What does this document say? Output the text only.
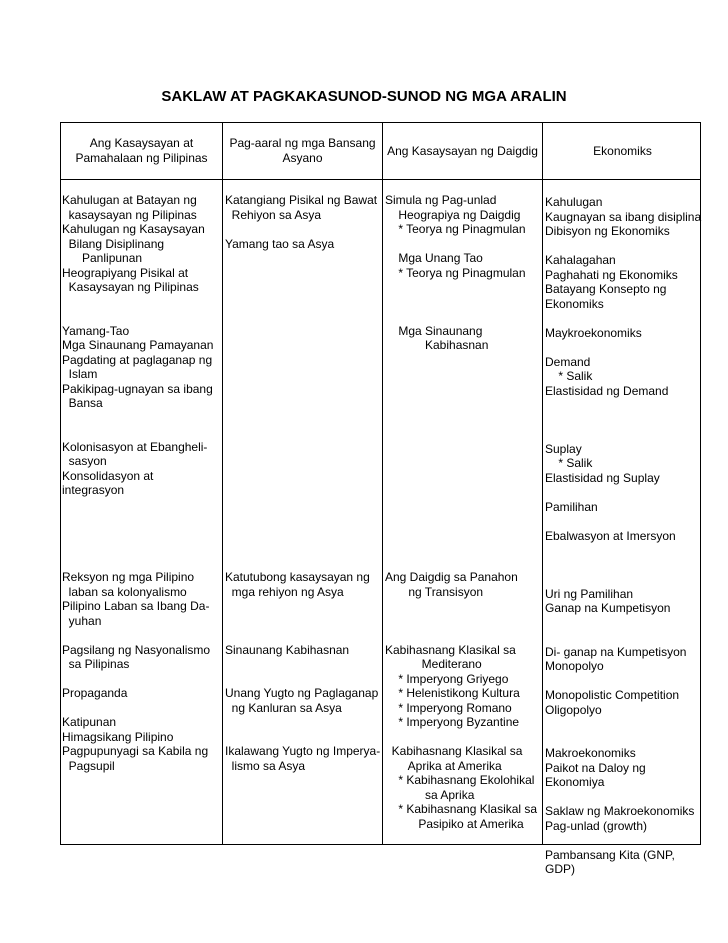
SAKLAW AT PAGKAKASUNOD-SUNOD NG MGA ARALIN
Ang Kasaysayan at
Pamahalaan ng Pilipinas
Pag-aaral ng mga Bansang
Asyano
Ang Kasaysayan ng Daigdig	Ekonomiks
Kahulugan at Batayan ng
kasaysayan ng Pilipinas
Kahulugan ng Kasaysayan
Bilang Disiplinang
Panlipunan
Heograpiyang Pisikal at
Kasaysayan ng Pilipinas

Yamang-Tao
Mga Sinaunang Pamayanan
Pagdating at paglaganap ng
Islam
Pakikipag-ugnayan sa ibang
Bansa

Kolonisasyon at Ebangheli-
sasyon
Konsolidasyon at
integrasyon

Reksyon ng mga Pilipino
laban sa kolonyalismo
Pilipino Laban sa Ibang Da-
yuhan

Pagsilang ng Nasyonalismo
sa Pilipinas

Propaganda

Katipunan
Himagsikang Pilipino
Pagpupunyagi sa Kabila ng
Pagsupil
Katangiang Pisikal ng Bawat
Rehiyon sa Asya

Yamang tao sa Asya

Katutubong kasaysayan ng
mga rehiyon ng Asya

Sinaunang Kabihasnan

Unang Yugto ng Paglaganap
ng Kanluran sa Asya

Ikalawang Yugto ng Imperya-
lismo sa Asya
Simula ng Pag-unlad
Heograpiya ng Daigdig
* Teorya ng Pinagmulan

Mga Unang Tao
* Teorya ng Pinagmulan

Mga Sinaunang
Kabihasnan

Ang Daigdig sa Panahon
ng Transisyon

Kabihasnang Klasikal sa
Mediterano
* Imperyong Griyego
* Helenistikong Kultura
* Imperyong Romano
* Imperyong Byzantine

Kabihasnang Klasikal sa
Aprika at Amerika
* Kabihasnang Ekolohikal
sa Aprika
* Kabihasnang Klasikal sa
Pasipiko at Amerika
Kahulugan
Kaugnayan sa ibang disiplina
Dibisyon ng Ekonomiks

Kahalagahan
Paghahati ng Ekonomiks
Batayang Konsepto ng
Ekonomiks

Maykroekonomiks

Demand
* Salik
Elastisidad ng Demand

Suplay
* Salik
Elastisidad ng Suplay

Pamilihan

Ebalwasyon at Imersyon

Uri ng Pamilihan
Ganap na Kumpetisyon

Di- ganap na Kumpetisyon
Monopolyo

Monopolistic Competition
Oligopolyo

Makroekonomiks
Paikot na Daloy ng
Ekonomiya

Saklaw ng Makroekonomiks
Pag-unlad (growth)

Pambansang Kita (GNP,
GDP)
